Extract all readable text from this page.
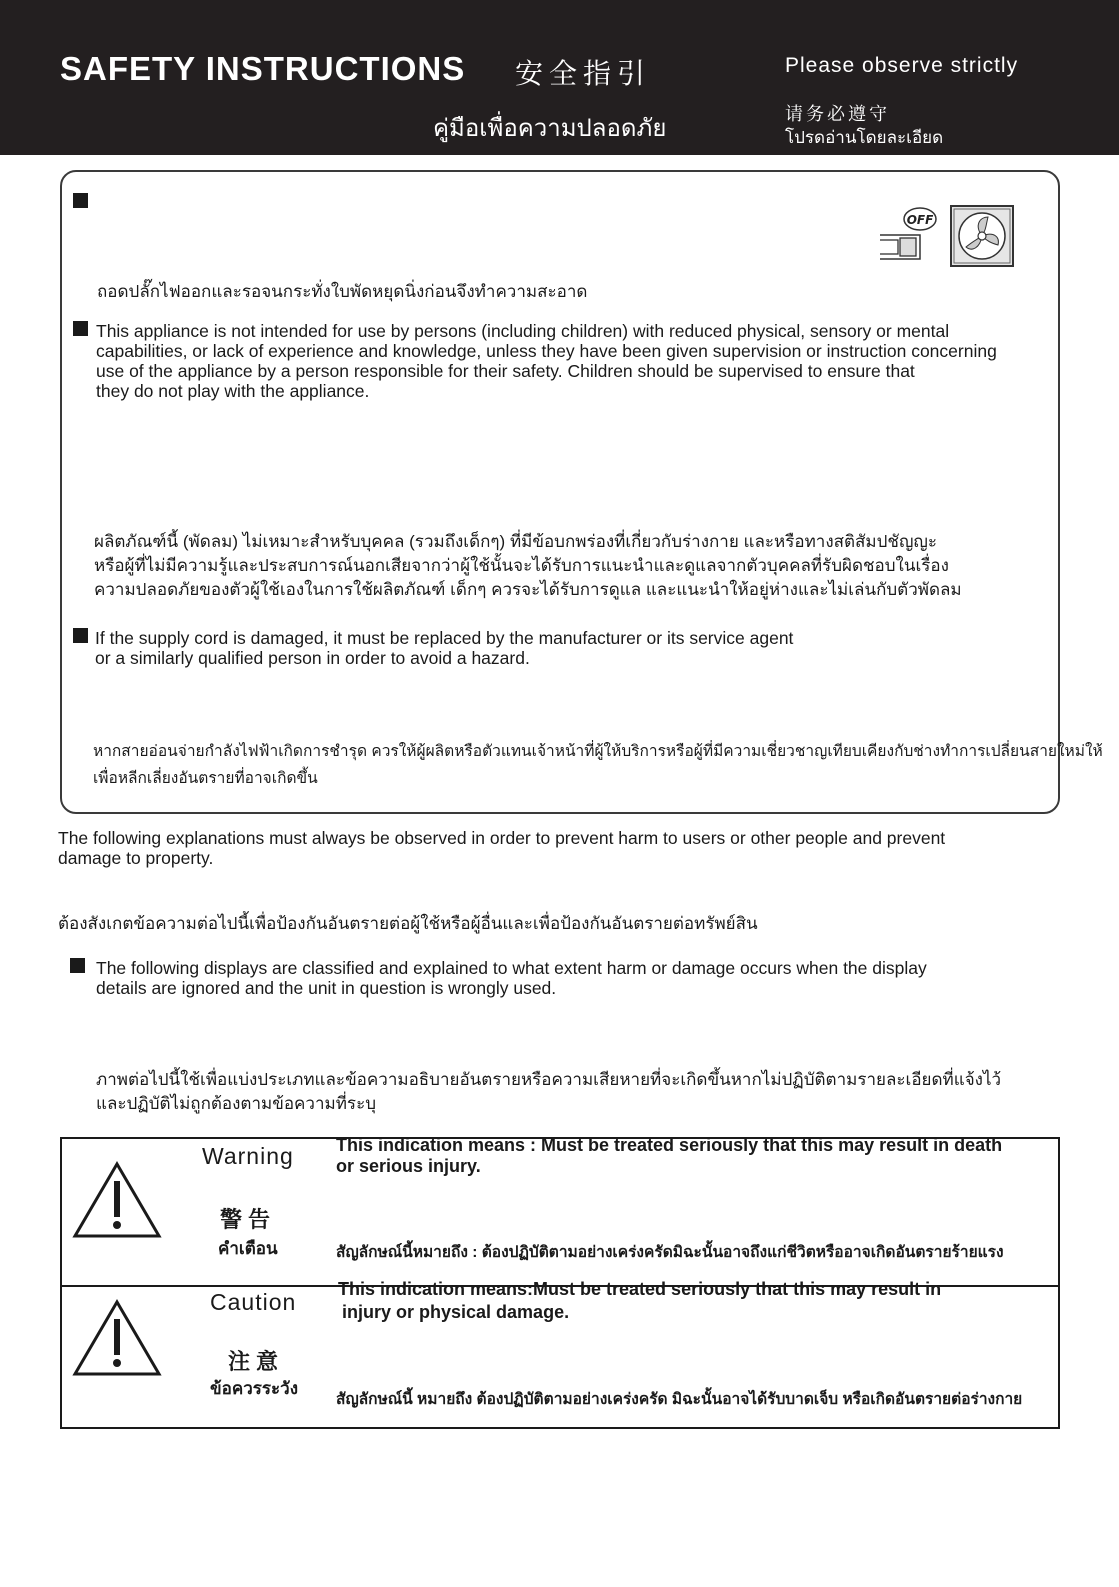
SAFETY INSTRUCTIONS 安全指引
คู่มือเพื่อความปลอดภัย
Please observe strictly
请务必遵守
โปรดอ่านโดยละเอียด
OFF
ถอดปลั๊กไฟออกและรอจนกระทั่งใบพัดหยุดนิ่งก่อนจึงทำความสะอาด
This appliance is not intended for use by persons (including children) with reduced physical, sensory or mental
capabilities, or lack of experience and knowledge, unless they have been given supervision or instruction concerning
use of the appliance by a person responsible for their safety. Children should be supervised to ensure that
they do not play with the appliance.
ผลิตภัณฑ์นี้ (พัดลม) ไม่เหมาะสำหรับบุคคล (รวมถึงเด็กๆ) ที่มีข้อบกพร่องที่เกี่ยวกับร่างกาย และหรือทางสติสัมปชัญญะ
หรือผู้ที่ไม่มีความรู้และประสบการณ์นอกเสียจากว่าผู้ใช้นั้นจะได้รับการแนะนำและดูแลจากตัวบุคคลที่รับผิดชอบในเรื่อง
ความปลอดภัยของตัวผู้ใช้เองในการใช้ผลิตภัณฑ์ เด็กๆ ควรจะได้รับการดูแล และแนะนำให้อยู่ห่างและไม่เล่นกับตัวพัดลม
If the supply cord is damaged, it must be replaced by the manufacturer or its service agent
or a similarly qualified person in order to avoid a hazard.
หากสายอ่อนจ่ายกำลังไฟฟ้าเกิดการชำรุด ควรให้ผู้ผลิตหรือตัวแทนเจ้าหน้าที่ผู้ให้บริการหรือผู้ที่มีความเชี่ยวชาญเทียบเคียงกับช่างทำการเปลี่ยนสายใหม่ให้
เพื่อหลีกเลี่ยงอันตรายที่อาจเกิดขึ้น
The following explanations must always be observed in order to prevent harm to users or other people and prevent
damage to property.
ต้องสังเกตข้อความต่อไปนี้เพื่อป้องกันอันตรายต่อผู้ใช้หรือผู้อื่นและเพื่อป้องกันอันตรายต่อทรัพย์สิน
The following displays are classified and explained to what extent harm or damage occurs when the display
details are ignored and the unit in question is wrongly used.
ภาพต่อไปนี้ใช้เพื่อแบ่งประเภทและข้อความอธิบายอันตรายหรือความเสียหายที่จะเกิดขึ้นหากไม่ปฏิบัติตามรายละเอียดที่แจ้งไว้
และปฏิบัติไม่ถูกต้องตามข้อความที่ระบุ
Warning
警告
คำเตือน
This indication means : Must be treated seriously that this may result in death
or serious injury.
สัญลักษณ์นี้หมายถึง : ต้องปฏิบัติตามอย่างเคร่งครัดมิฉะนั้นอาจถึงแก่ชีวิตหรืออาจเกิดอันตรายร้ายแรง
Caution
注意
ข้อควรระวัง
This indication means:Must be treated seriously that this may result in
injury or physical damage.
สัญลักษณ์นี้ หมายถึง ต้องปฏิบัติตามอย่างเคร่งครัด มิฉะนั้นอาจได้รับบาดเจ็บ หรือเกิดอันตรายต่อร่างกาย
